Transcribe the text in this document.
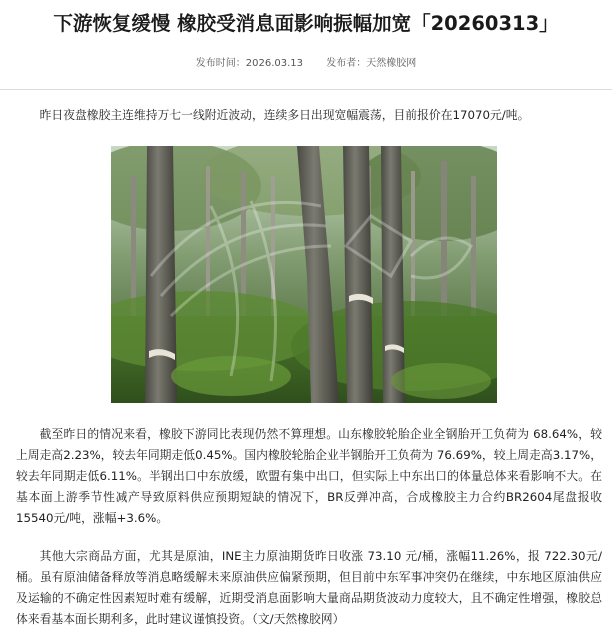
下游恢复缓慢 橡胶受消息面影响振幅加宽「20260313」
发布时间：2026.03.13 发布者：天然橡胶网

昨日夜盘橡胶主连维持万七一线附近波动，连续多日出现宽幅震荡，目前报价在17070元/吨。

截至昨日的情况来看，橡胶下游同比表现仍然不算理想。山东橡胶轮胎企业全钢胎开工负荷为 68.64%，较上周走高2.23%，较去年同期走低0.45%。国内橡胶轮胎企业半钢胎开工负荷为 76.69%，较上周走高3.17%，较去年同期走低6.11%。半钢出口中东放缓，欧盟有集中出口，但实际上中东出口的体量总体来看影响不大。在基本面上游季节性减产导致原料供应预期短缺的情况下，BR反弹冲高，合成橡胶主力合约BR2604尾盘报收15540元/吨，涨幅+3.6%。

其他大宗商品方面，尤其是原油，INE主力原油期货昨日收涨 73.10 元/桶，涨幅11.26%，报 722.30元/桶。虽有原油储备释放等消息略缓解未来原油供应偏紧预期，但目前中东军事冲突仍在继续，中东地区原油供应及运输的不确定性因素短时难有缓解，近期受消息面影响大量商品期货波动力度较大，且不确定性增强，橡胶总体来看基本面长期利多，此时建议谨慎投资。（文/天然橡胶网）
